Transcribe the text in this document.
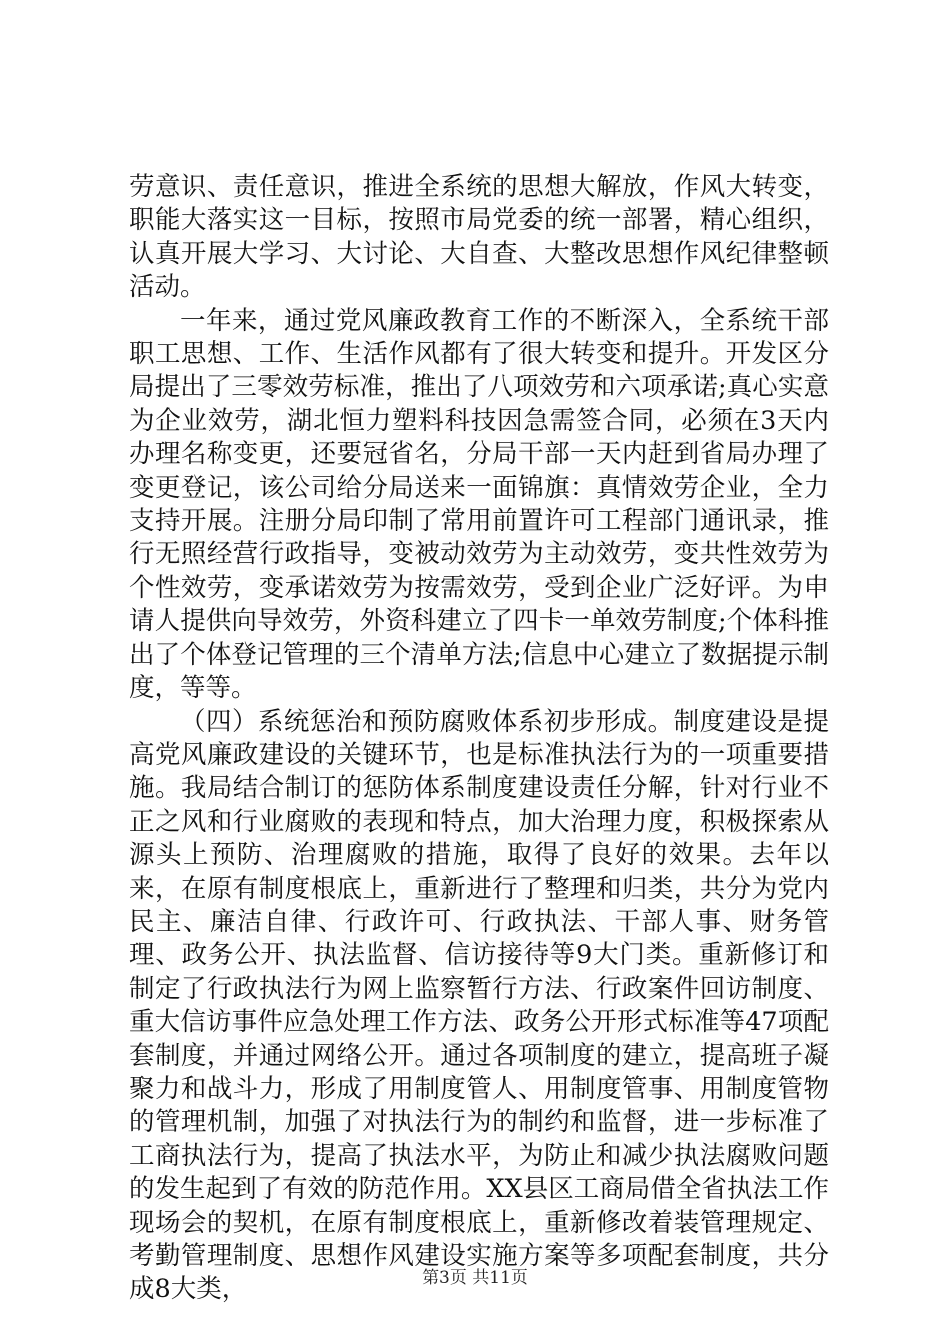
劳意识、责任意识，推进全系统的思想大解放，作风大转变，职能大落实这一目标，按照市局党委的统一部署，精心组织，认真开展大学习、大讨论、大自查、大整改思想作风纪律整顿活动。

一年来，通过党风廉政教育工作的不断深入，全系统干部职工思想、工作、生活作风都有了很大转变和提升。开发区分局提出了三零效劳标准，推出了八项效劳和六项承诺;真心实意为企业效劳，湖北恒力塑料科技因急需签合同，必须在3天内办理名称变更，还要冠省名，分局干部一天内赶到省局办理了变更登记，该公司给分局送来一面锦旗：真情效劳企业，全力支持开展。注册分局印制了常用前置许可工程部门通讯录，推行无照经营行政指导，变被动效劳为主动效劳，变共性效劳为个性效劳，变承诺效劳为按需效劳，受到企业广泛好评。为申请人提供向导效劳，外资科建立了四卡一单效劳制度;个体科推出了个体登记管理的三个清单方法;信息中心建立了数据提示制度，等等。

（四）系统惩治和预防腐败体系初步形成。制度建设是提高党风廉政建设的关键环节，也是标准执法行为的一项重要措施。我局结合制订的惩防体系制度建设责任分解，针对行业不正之风和行业腐败的表现和特点，加大治理力度，积极探索从源头上预防、治理腐败的措施，取得了良好的效果。去年以来，在原有制度根底上，重新进行了整理和归类，共分为党内民主、廉洁自律、行政许可、行政执法、干部人事、财务管理、政务公开、执法监督、信访接待等9大门类。重新修订和制定了行政执法行为网上监察暂行方法、行政案件回访制度、重大信访事件应急处理工作方法、政务公开形式标准等47项配套制度，并通过网络公开。通过各项制度的建立，提高班子凝聚力和战斗力，形成了用制度管人、用制度管事、用制度管物的管理机制，加强了对执法行为的制约和监督，进一步标准了工商执法行为，提高了执法水平，为防止和减少执法腐败问题的发生起到了有效的防范作用。XX县区工商局借全省执法工作现场会的契机，在原有制度根底上，重新修改着装管理规定、考勤管理制度、思想作风建设实施方案等多项配套制度，共分成8大类，	第3页 共11页
